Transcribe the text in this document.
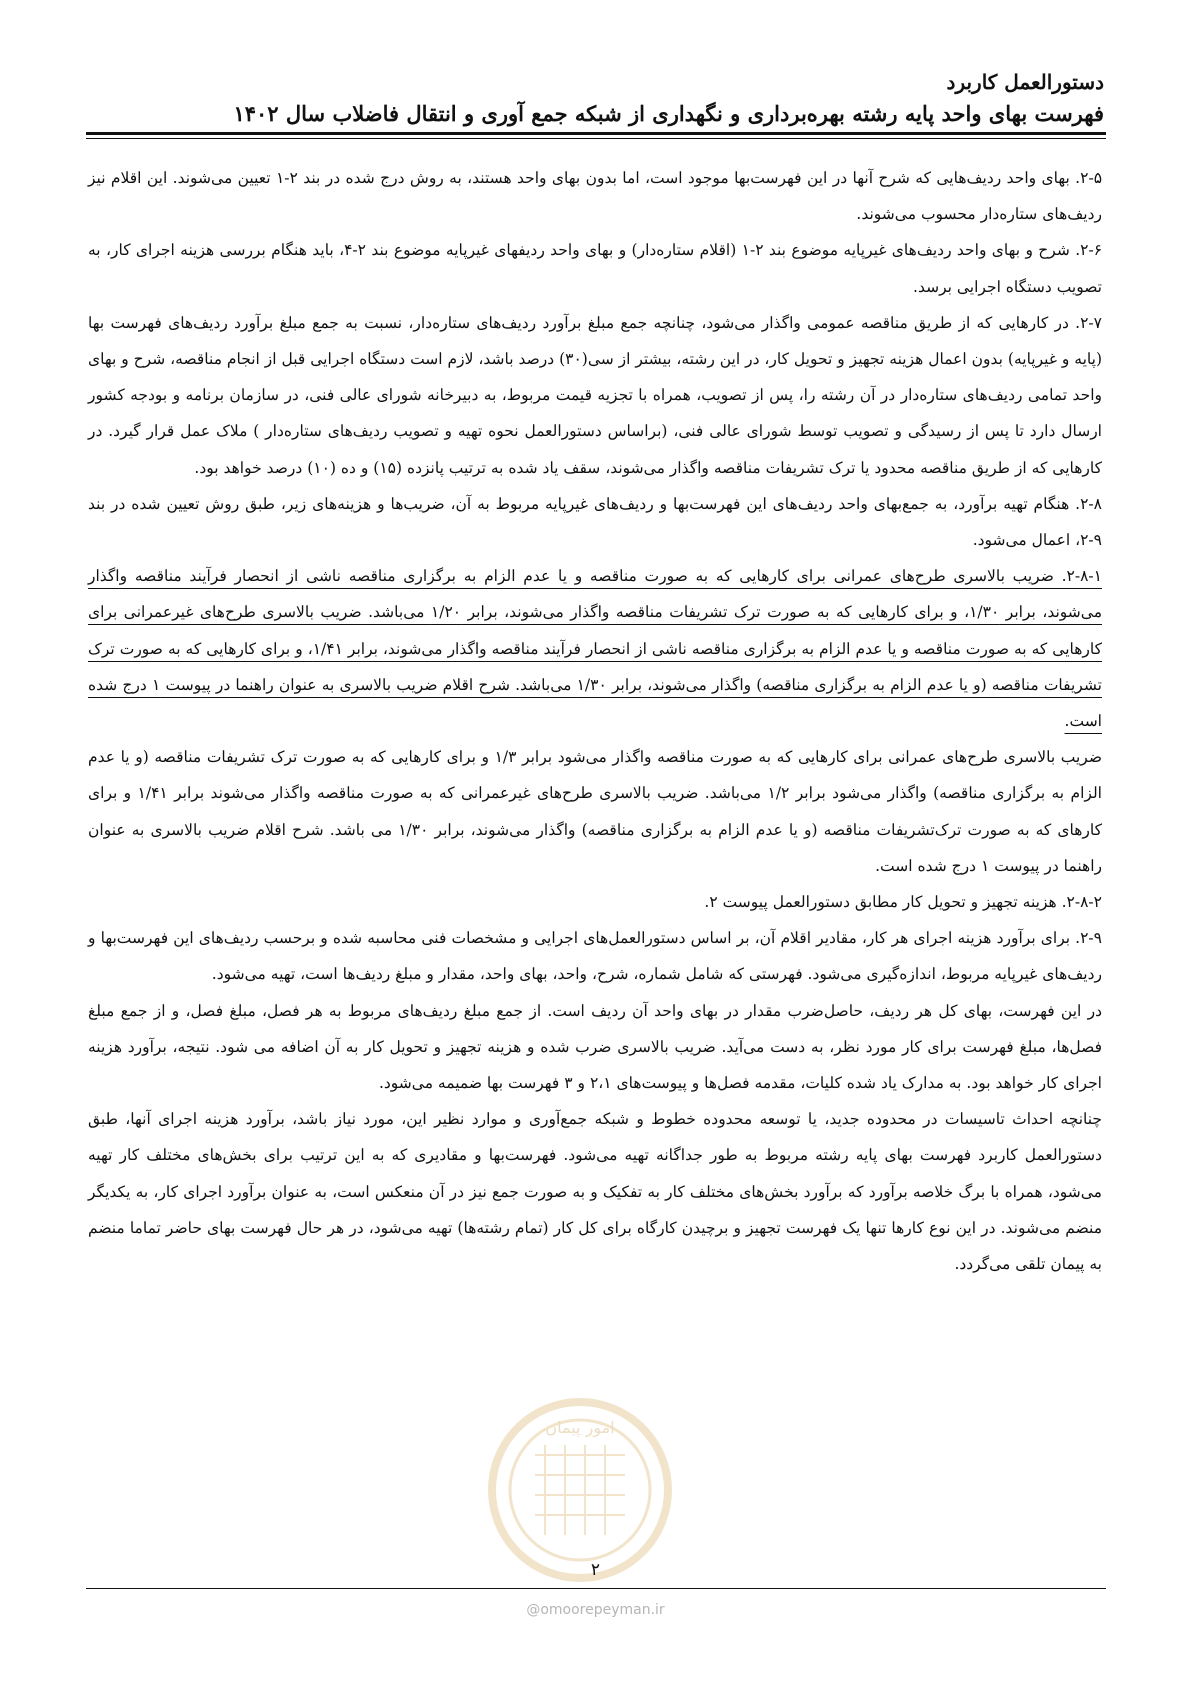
دستورالعمل کاربرد
فهرست بهای واحد پایه رشته بهره‌برداری و نگهداری از شبکه جمع آوری و انتقال فاضلاب سال ۱۴۰۲

۲-۵. بهای واحد ردیف‌هایی که شرح آنها در این فهرست‌بها موجود است، اما بدون بهای واحد هستند، به روش درج شده در بند ۲-۱ تعیین می‌شوند. این اقلام نیز ردیف‌های ستاره‌دار محسوب می‌شوند.

۲-۶. شرح و بهای واحد ردیف‌های غیرپایه موضوع بند ۲-۱ (اقلام ستاره‌دار) و بهای واحد ردیفهای غیرپایه موضوع بند ۲-۴، باید هنگام بررسی هزینه اجرای کار، به تصویب دستگاه اجرایی برسد.

۲-۷. در کارهایی که از طریق مناقصه عمومی واگذار می‌شود، چنانچه جمع مبلغ برآورد ردیف‌های ستاره‌دار، نسبت به جمع مبلغ برآورد ردیف‌های فهرست بها (پایه و غیرپایه) بدون اعمال هزینه تجهیز و تحویل کار، در این رشته، بیشتر از سی(۳۰) درصد باشد، لازم است دستگاه اجرایی قبل از انجام مناقصه، شرح و بهای واحد تمامی ردیف‌های ستاره‌دار در آن رشته را، پس از تصویب، همراه با تجزیه قیمت مربوط، به دبیرخانه شورای عالی فنی، در سازمان برنامه و بودجه کشور ارسال دارد تا پس از رسیدگی و تصویب توسط شورای عالی فنی، (براساس دستورالعمل نحوه تهیه و تصویب ردیف‌های ستاره‌دار ) ملاک عمل قرار گیرد. در کارهایی که از طریق مناقصه محدود یا ترک تشریفات مناقصه واگذار می‌شوند، سقف یاد شده به ترتیب پانزده (۱۵) و ده (۱۰) درصد خواهد بود.

۲-۸. هنگام تهیه برآورد، به جمع‌بهای واحد ردیف‌های این فهرست‌بها و ردیف‌های غیرپایه مربوط به آن، ضریب‌ها و هزینه‌های زیر، طبق روش تعیین شده در بند ۹-۲، اعمال می‌شود.

۲-۸-۱. ضریب بالاسری طرح‌های عمرانی برای کارهایی که به صورت مناقصه و یا عدم الزام به برگزاری مناقصه ناشی از انحصار فرآیند مناقصه واگذار می‌شوند، برابر ۱/۳۰، و برای کارهایی که به صورت ترک تشریفات مناقصه واگذار می‌شوند، برابر ۱/۲۰ می‌باشد. ضریب بالاسری طرح‌های غیرعمرانی برای کارهایی که به صورت مناقصه و یا عدم الزام به برگزاری مناقصه ناشی از انحصار فرآیند مناقصه واگذار می‌شوند، برابر ۱/۴۱، و برای کارهایی که به صورت ترک تشریفات مناقصه (و یا عدم الزام به برگزاری مناقصه) واگذار می‌شوند، برابر ۱/۳۰ می‌باشد. شرح اقلام ضریب بالاسری به عنوان راهنما در پیوست ۱ درج شده است.

ضریب بالاسری طرح‌های عمرانی برای کارهایی که به صورت مناقصه واگذار می‌شود برابر ۱/۳ و برای کارهایی که به صورت ترک تشریفات مناقصه (و یا عدم الزام به برگزاری مناقصه) واگذار می‌شود برابر ۱/۲ می‌باشد. ضریب بالاسری طرح‌های غیرعمرانی که به صورت مناقصه واگذار می‌شوند برابر ۱/۴۱ و برای کارهای که به صورت ترک‌تشریفات مناقصه (و یا عدم الزام به برگزاری مناقصه) واگذار می‌شوند، برابر ۱/۳۰ می باشد. شرح اقلام ضریب بالاسری به عنوان راهنما در پیوست ۱ درج شده است.

۲-۸-۲. هزینه تجهیز و تحویل کار مطابق دستورالعمل پیوست ۲.

۲-۹. برای برآورد هزینه اجرای هر کار، مقادیر اقلام آن، بر اساس دستورالعمل‌های اجرایی و مشخصات فنی محاسبه شده و برحسب ردیف‌های این فهرست‌بها و ردیف‌های غیرپایه مربوط، اندازه‌گیری می‌شود. فهرستی که شامل شماره، شرح، واحد، بهای واحد، مقدار و مبلغ ردیف‌ها است، تهیه می‌شود.

در این فهرست، بهای کل هر ردیف، حاصل‌ضرب مقدار در بهای واحد آن ردیف است. از جمع مبلغ ردیف‌های مربوط به هر فصل، مبلغ فصل، و از جمع مبلغ فصل‌ها، مبلغ فهرست برای کار مورد نظر، به دست می‌آید. ضریب بالاسری ضرب شده و هزینه تجهیز و تحویل کار به آن اضافه می شود. نتیجه، برآورد هزینه اجرای کار خواهد بود. به مدارک یاد شده کلیات، مقدمه فصل‌ها و پیوست‌های ۲،۱ و ۳ فهرست بها ضمیمه می‌شود.

چنانچه احداث تاسیسات در محدوده جدید، یا توسعه محدوده خطوط و شبکه جمع‌آوری و موارد نظیر این، مورد نیاز باشد، برآورد هزینه اجرای آنها، طبق دستورالعمل کاربرد فهرست بهای پایه رشته مربوط به طور جداگانه تهیه می‌شود. فهرست‌بها و مقادیری که به این ترتیب برای بخش‌های مختلف کار تهیه می‌شود، همراه با برگ خلاصه برآورد که برآورد بخش‌های مختلف کار به تفکیک و به صورت جمع نیز در آن منعکس است، به عنوان برآورد اجرای کار، به یکدیگر منضم می‌شوند. در این نوع کارها تنها یک فهرست تجهیز و برچیدن کارگاه برای کل کار (تمام رشته‌ها) تهیه می‌شود، در هر حال فهرست بهای حاضر تماما منضم به پیمان تلقی می‌گردد.

امور پیمان
۲
@omoorepeyman.ir
